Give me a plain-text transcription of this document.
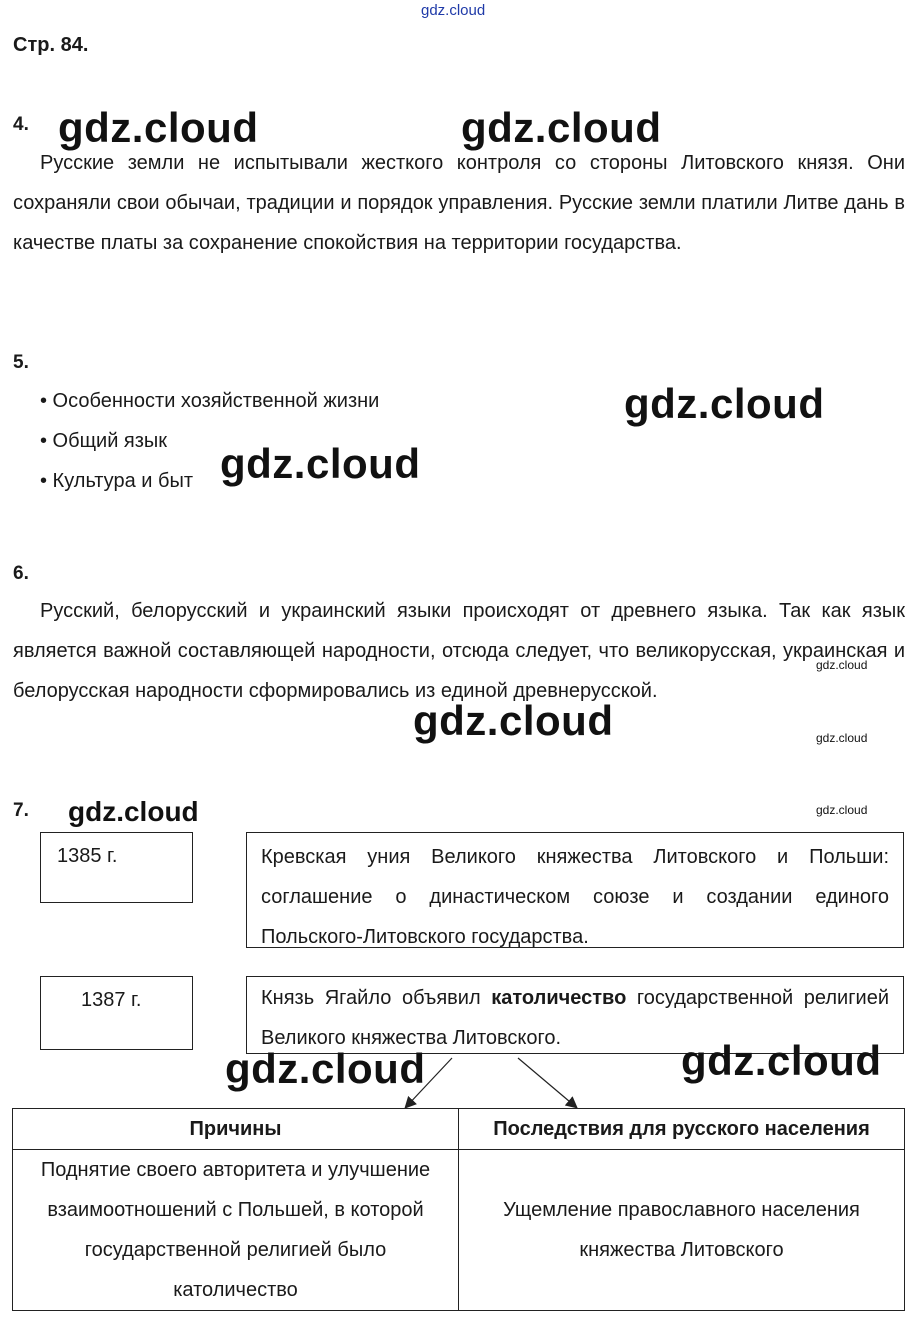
gdz.cloud
Стр. 84.
4. gdz.cloud	gdz.cloud

Русские земли не испытывали жесткого контроля со стороны Литовского князя. Они сохраняли свои обычаи, традиции и порядок управления. Русские земли платили Литве дань в качестве платы за сохранение спокойствия на территории государства.

5.
• Особенности хозяйственной жизни
• Общий язык
• Культура и быт
gdz.cloud
gdz.cloud
6.

Русский, белорусский и украинский языки происходят от древнего языка. Так как язык является важной составляющей народности, отсюда следует, что великорусская, украинская и белорусская народности сформировались из единой древнерусской.

gdz.cloud
gdz.cloud	gdz.cloud
7. gdz.cloud	gdz.cloud
1385 г.	Кревская уния Великого княжества Литовского и Польши: соглашение о династическом союзе и создании единого Польского-Литовского государства.

1387 г.	Князь Ягайло объявил католичество государственной религией Великого княжества Литовского.

gdz.cloud	gdz.cloud
Причины	Последствия для русского населения
Поднятие своего авторитета и улучшение взаимоотношений с Польшей, в которой государственной религией было католичество	Ущемление православного населения княжества Литовского
